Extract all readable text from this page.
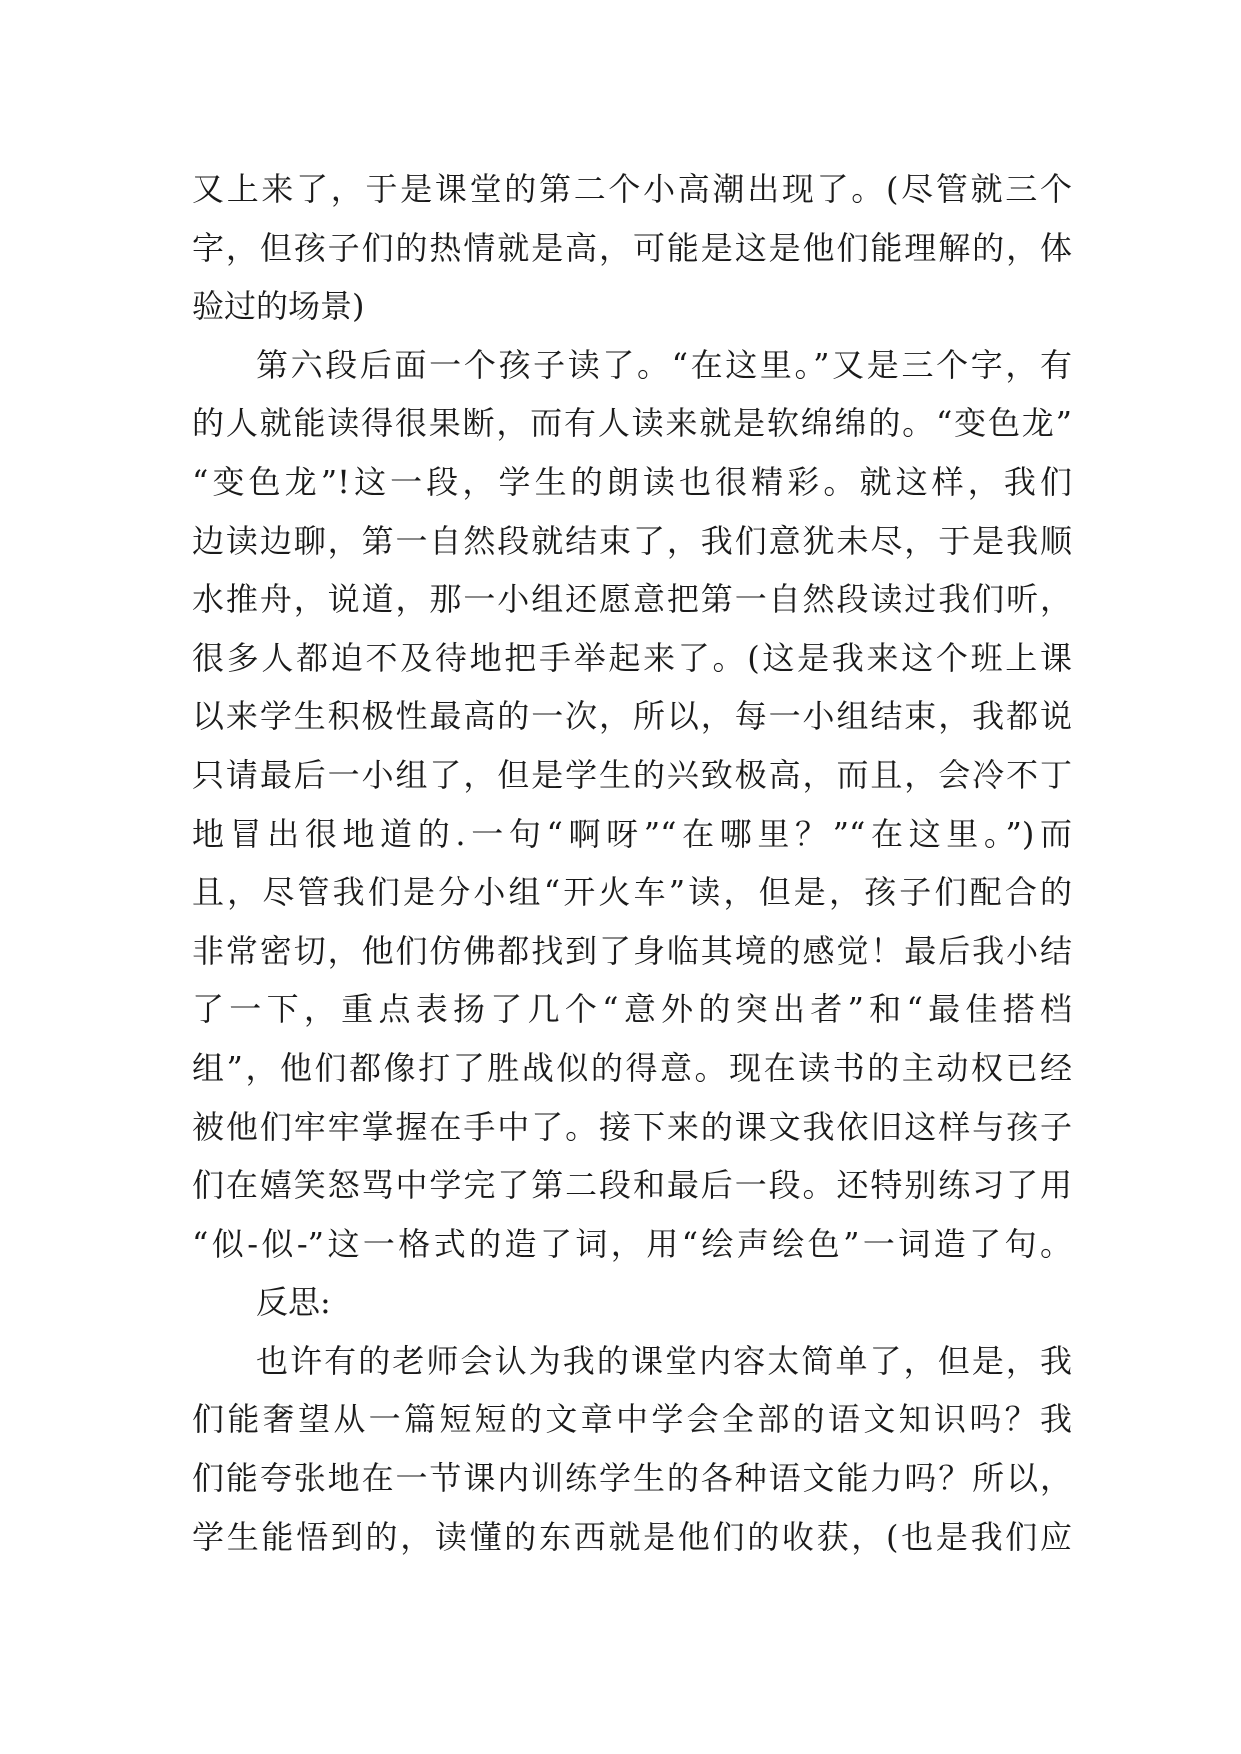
又上来了，于是课堂的第二个小高潮出现了。(尽管就三个
字，但孩子们的热情就是高，可能是这是他们能理解的，体
验过的场景)
第六段后面一个孩子读了。“在这里。”又是三个字，有
的人就能读得很果断，而有人读来就是软绵绵的。“变色龙”
“变色龙”!这一段，学生的朗读也很精彩。就这样，我们
边读边聊，第一自然段就结束了，我们意犹未尽，于是我顺
水推舟，说道，那一小组还愿意把第一自然段读过我们听，
很多人都迫不及待地把手举起来了。(这是我来这个班上课
以来学生积极性最高的一次，所以，每一小组结束，我都说
只请最后一小组了，但是学生的兴致极高，而且，会冷不丁
地冒出很地道的.一句“啊呀”“在哪里？”“在这里。”)而
且，尽管我们是分小组“开火车”读，但是，孩子们配合的
非常密切，他们仿佛都找到了身临其境的感觉！最后我小结
了一下，重点表扬了几个“意外的突出者”和“最佳搭档
组”，他们都像打了胜战似的得意。现在读书的主动权已经
被他们牢牢掌握在手中了。接下来的课文我依旧这样与孩子
们在嬉笑怒骂中学完了第二段和最后一段。还特别练习了用
“似-似-”这一格式的造了词，用“绘声绘色”一词造了句。
反思:
也许有的老师会认为我的课堂内容太简单了，但是，我
们能奢望从一篇短短的文章中学会全部的语文知识吗？我
们能夸张地在一节课内训练学生的各种语文能力吗？所以，
学生能悟到的，读懂的东西就是他们的收获，(也是我们应
